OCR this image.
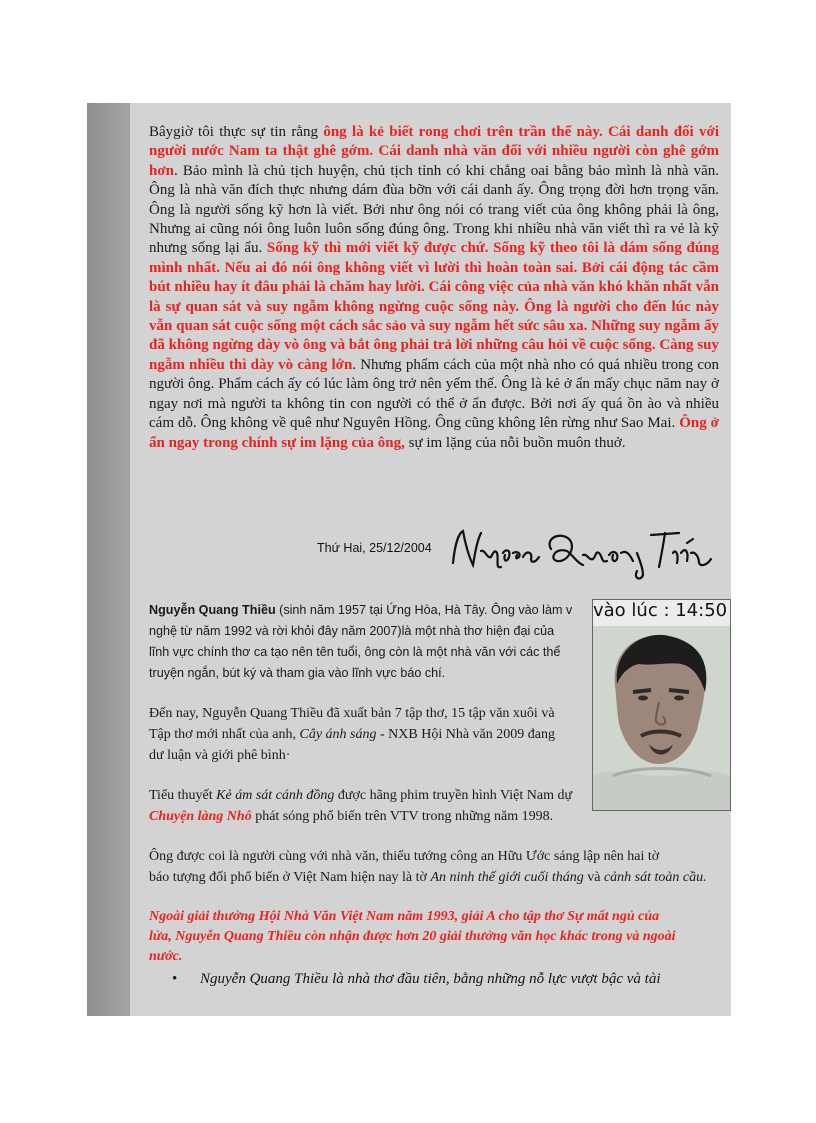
Bâygiờ tôi thực sự tin rằng ông là kẻ biết rong chơi trên trần thế này. Cái danh đối với người nước Nam ta thật ghê gớm. Cái danh nhà văn đối với nhiều người còn ghê gớm hơn. Bảo mình là chủ tịch huyện, chủ tịch tỉnh có khi chẳng oai bằng bảo mình là nhà văn. Ông là nhà văn đích thực nhưng dám đùa bỡn với cái danh ấy. Ông trọng đời hơn trọng văn. Ông là người sống kỹ hơn là viết. Bởi như ông nói có trang viết của ông không phải là ông, Nhưng ai cũng nói ông luôn luôn sống đúng ông. Trong khi nhiều nhà văn viết thì ra vẻ là kỹ nhưng sống lại ẩu. Sống kỹ thì mới viết kỹ được chứ. Sống kỹ theo tôi là dám sống đúng mình nhất. Nếu ai đó nói ông không viết vì lười thì hoàn toàn sai. Bởi cái động tác cầm bút nhiều hay ít đâu phải là chăm hay lười. Cái công việc của nhà văn khó khăn nhất vẫn là sự quan sát và suy ngẫm không ngừng cuộc sống này. Ông là người cho đến lúc này vẫn quan sát cuộc sống một cách sắc sảo và suy ngẫm hết sức sâu xa. Những suy ngẫm ấy đã không ngừng dày vò ông và bắt ông phải trả lời những câu hỏi về cuộc sống. Càng suy ngẫm nhiều thì dày vò càng lớn. Nhưng phẩm cách của một nhà nho có quá nhiều trong con người ông. Phẩm cách ấy có lúc làm ông trở nên yếm thế. Ông là kẻ ở ẩn mấy chục năm nay ở ngay nơi mà người ta không tin con người có thể ở ẩn được. Bởi nơi ấy quá ồn ào và nhiều cám dỗ. Ông không về quê như Nguyên Hồng. Ông cũng không lên rừng như Sao Mai. Ông ở ẩn ngay trong chính sự im lặng của ông, sự im lặng của nỗi buồn muôn thuở.

Thứ Hai, 25/12/2004

Nguyễn Quang Thiều (sinh năm 1957 tại Ứng Hòa, Hà Tây. Ông vào làm v
nghệ từ năm 1992 và rời khỏi đây năm 2007)là một nhà thơ hiện đại của
lĩnh vực chính thơ ca tạo nên tên tuổi, ông còn là một nhà văn với các thể
truyện ngắn, bút ký và tham gia vào lĩnh vực báo chí.

Đến nay, Nguyễn Quang Thiều đã xuất bản 7 tập thơ, 15 tập văn xuôi và
Tập thơ mới nhất của anh, Cây ánh sáng - NXB Hội Nhà văn 2009 đang
dư luận và giới phê bình·

Tiểu thuyết Kẻ ám sát cánh đồng được hãng phim truyền hình Việt Nam dự
Chuyện làng Nhô phát sóng phổ biến trên VTV trong những năm 1998.

Ông được coi là người cùng với nhà văn, thiếu tướng công an Hữu Ước sáng lập nên hai tờ
báo tượng đối phổ biến ở Việt Nam hiện nay là tờ An ninh thế giới cuối tháng và cảnh sát toàn cầu.

Ngoài giải thưởng Hội Nhà Văn Việt Nam năm 1993, giải A cho tập thơ Sự mất ngủ của
lửa, Nguyễn Quang Thiều còn nhận được hơn 20 giải thưởng văn học khác trong và ngoài
nước.

vào lúc : 14:50
• Nguyễn Quang Thiều là nhà thơ đầu tiên, bằng những nỗ lực vượt bậc và tài
